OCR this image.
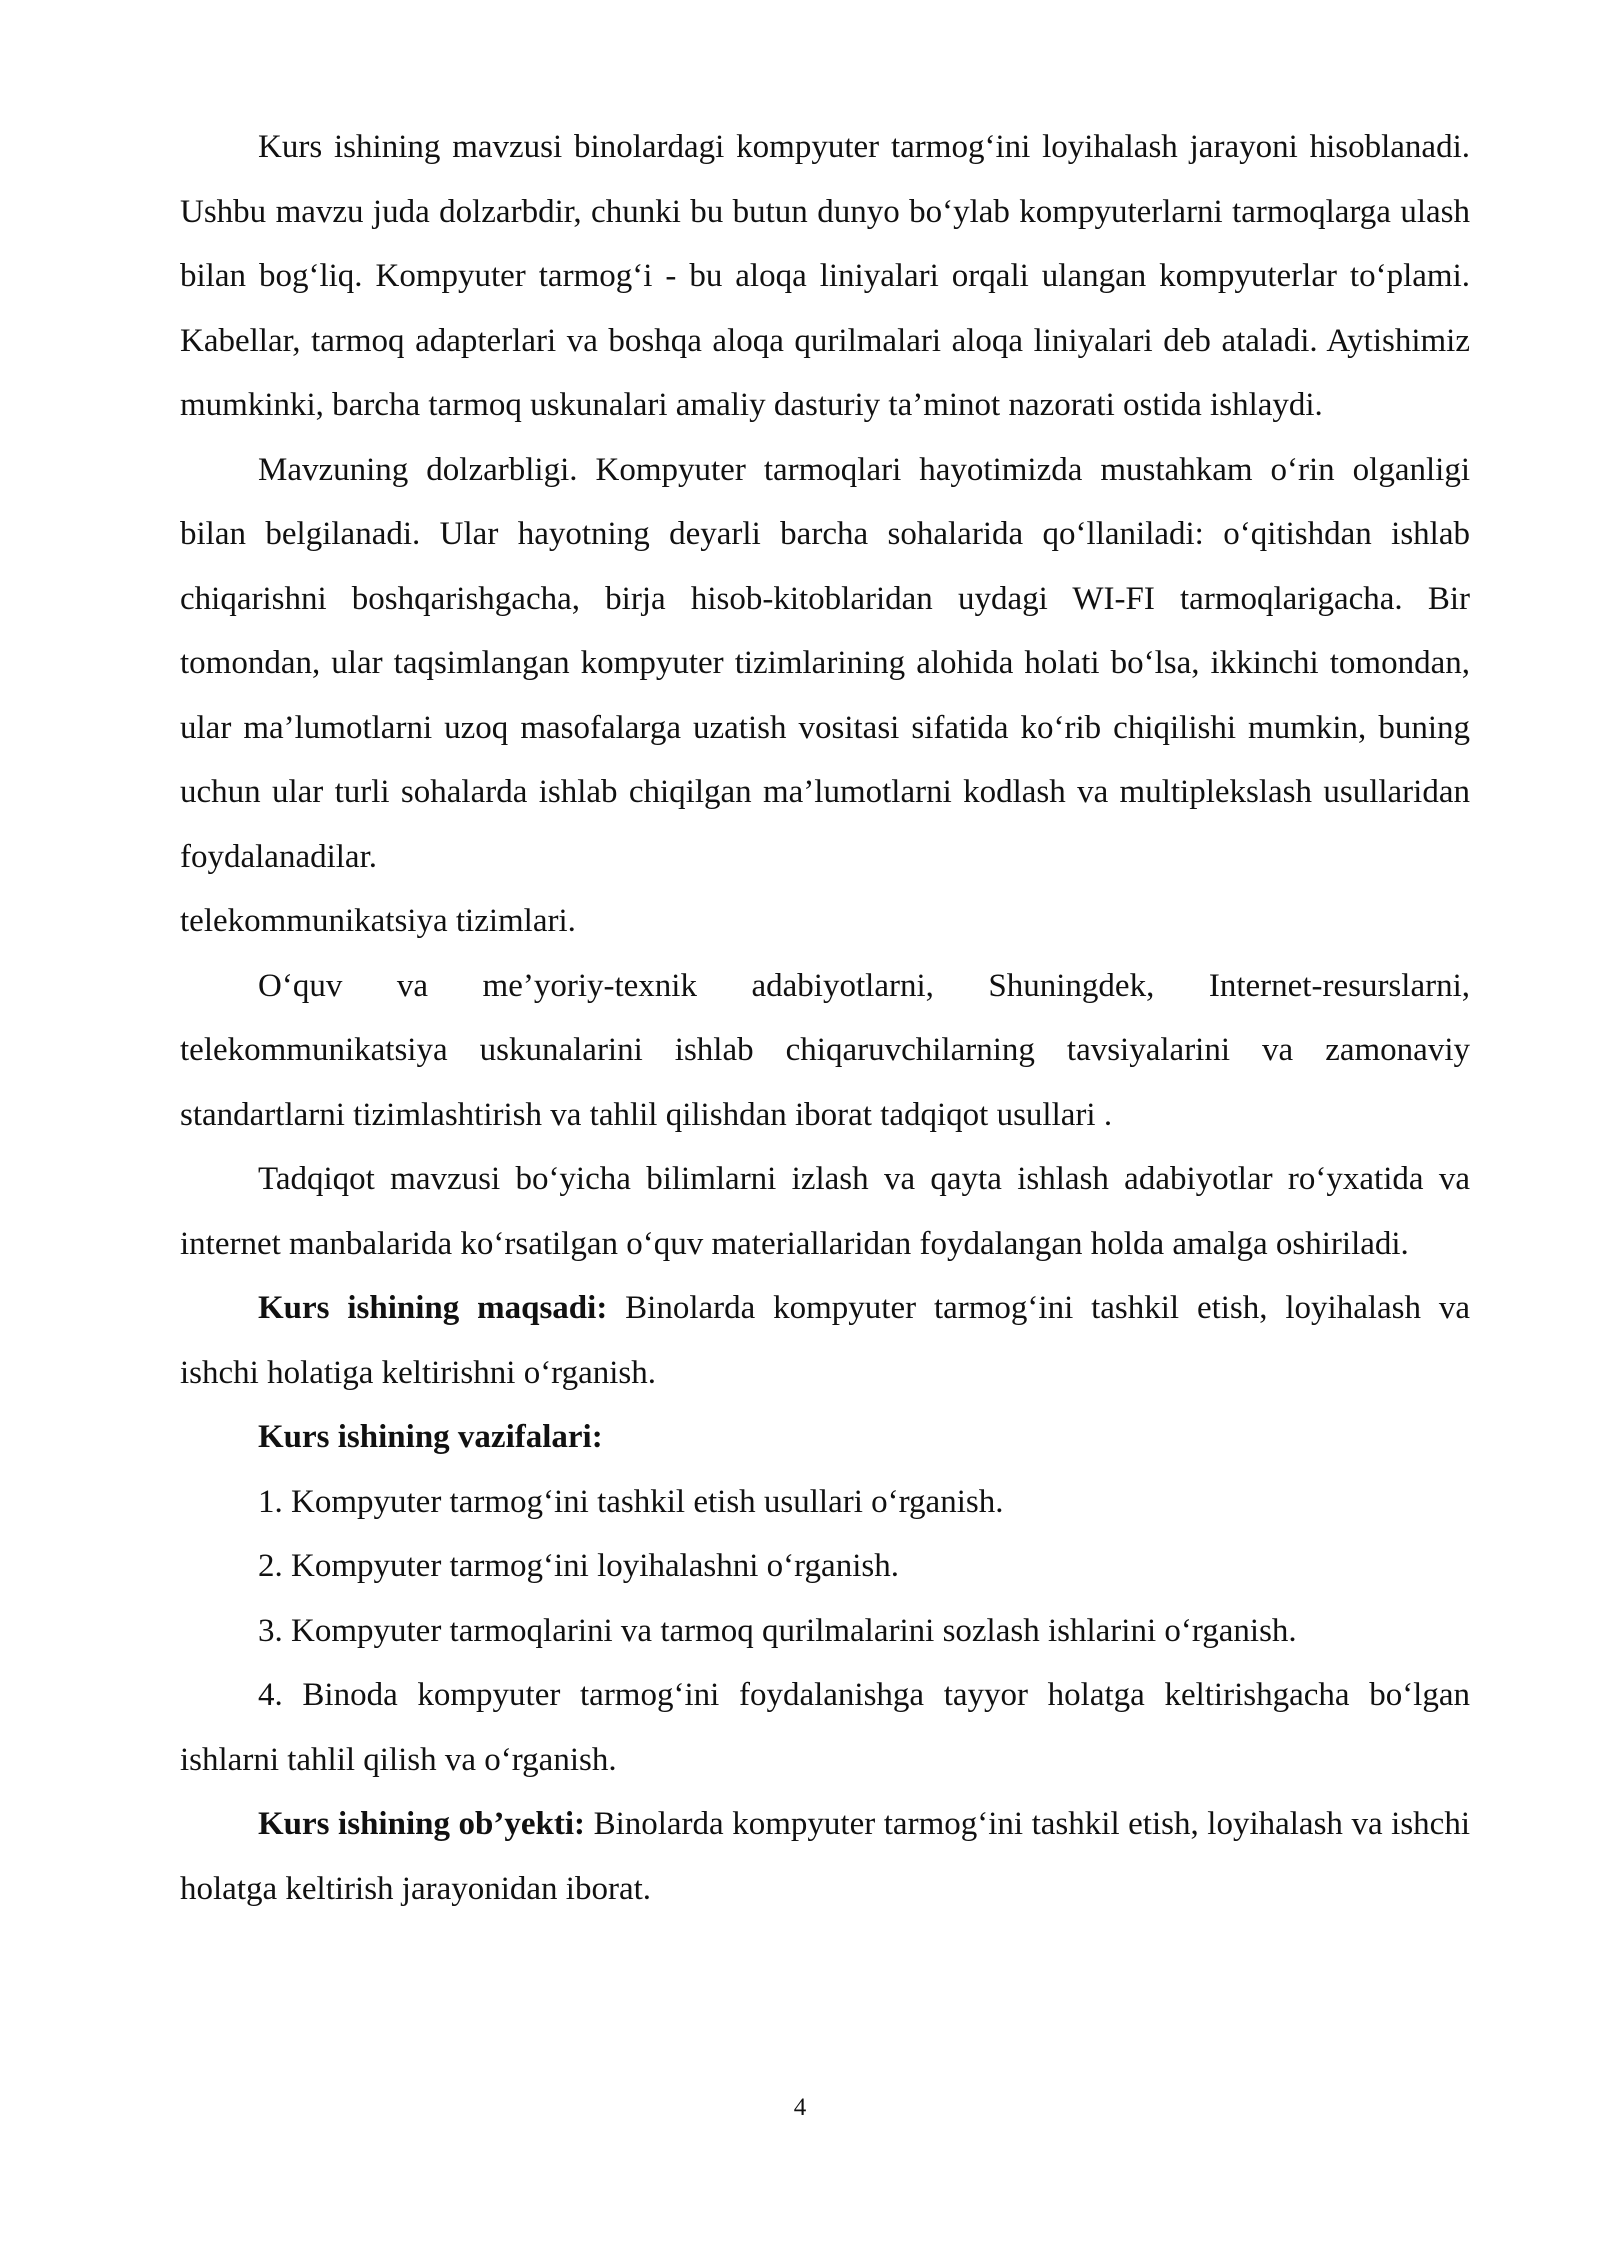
Kurs ishining mavzusi binolardagi kompyuter tarmog‘ini loyihalash jarayoni hisoblanadi. Ushbu mavzu juda dolzarbdir, chunki bu butun dunyo bo‘ylab kompyuterlarni tarmoqlarga ulash bilan bog‘liq. Kompyuter tarmog‘i - bu aloqa liniyalari orqali ulangan kompyuterlar to‘plami. Kabellar, tarmoq adapterlari va boshqa aloqa qurilmalari aloqa liniyalari deb ataladi. Aytishimiz mumkinki, barcha tarmoq uskunalari amaliy dasturiy ta’minot nazorati ostida ishlaydi.

Mavzuning dolzarbligi. Kompyuter tarmoqlari hayotimizda mustahkam o‘rin olganligi bilan belgilanadi. Ular hayotning deyarli barcha sohalarida qo‘llaniladi: o‘qitishdan ishlab chiqarishni boshqarishgacha, birja hisob-kitoblaridan uydagi WI-FI tarmoqlarigacha. Bir tomondan, ular taqsimlangan kompyuter tizimlarining alohida holati bo‘lsa, ikkinchi tomondan, ular ma’lumotlarni uzoq masofalarga uzatish vositasi sifatida ko‘rib chiqilishi mumkin, buning uchun ular turli sohalarda ishlab chiqilgan ma’lumotlarni kodlash va multiplekslash usullaridan foydalanadilar.

telekommunikatsiya tizimlari.

O‘quv va me’yoriy-texnik adabiyotlarni, Shuningdek, Internet-resurslarni, telekommunikatsiya uskunalarini ishlab chiqaruvchilarning tavsiyalarini va zamonaviy standartlarni tizimlashtirish va tahlil qilishdan iborat tadqiqot usullari .

Tadqiqot mavzusi bo‘yicha bilimlarni izlash va qayta ishlash adabiyotlar ro‘yxatida va internet manbalarida ko‘rsatilgan o‘quv materiallaridan foydalangan holda amalga oshiriladi.

Kurs ishining maqsadi: Binolarda kompyuter tarmog‘ini tashkil etish, loyihalash va ishchi holatiga keltirishni o‘rganish.

Kurs ishining vazifalari:

1. Kompyuter tarmog‘ini tashkil etish usullari o‘rganish.

2. Kompyuter tarmog‘ini loyihalashni o‘rganish.

3. Kompyuter tarmoqlarini va tarmoq qurilmalarini sozlash ishlarini o‘rganish.

4. Binoda kompyuter tarmog‘ini foydalanishga tayyor holatga keltirishgacha bo‘lgan ishlarni tahlil qilish va o‘rganish.

Kurs ishining ob’yekti: Binolarda kompyuter tarmog‘ini tashkil etish, loyihalash va ishchi holatga keltirish jarayonidan iborat.

4
